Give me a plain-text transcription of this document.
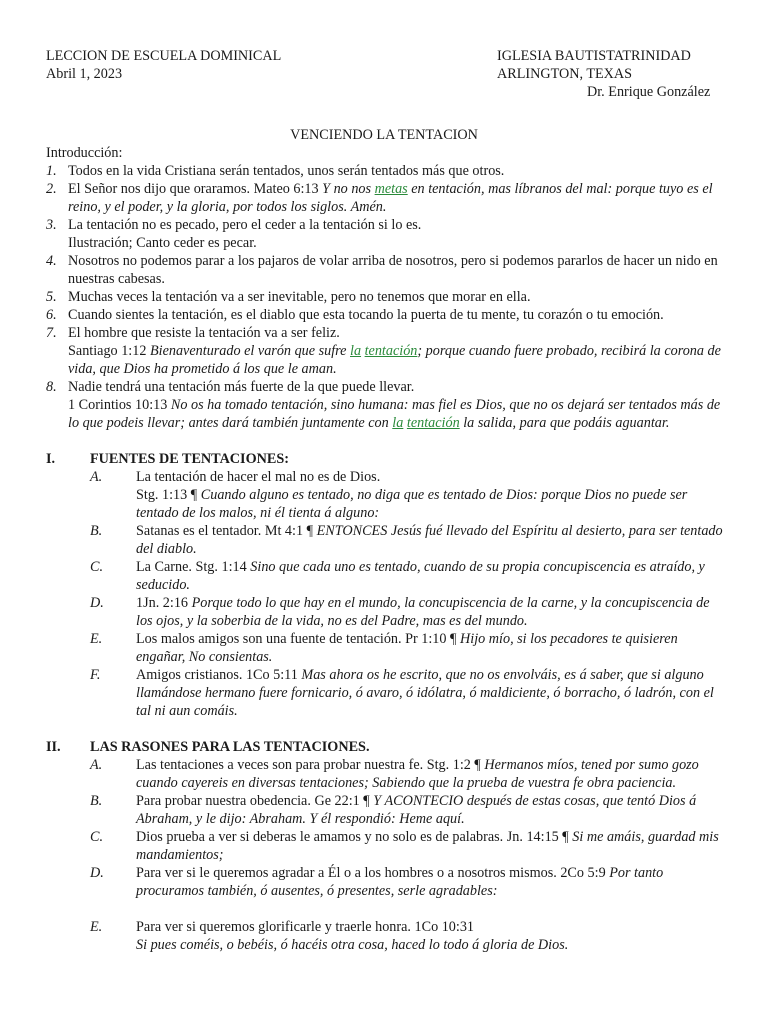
LECCION DE ESCUELA DOMINICAL
Abril 1, 2023
IGLESIA BAUTISTATRINIDAD
ARLINGTON, TEXAS
Dr. Enrique González
VENCIENDO LA TENTACION
Introducción:
1. Todos en la vida Cristiana serán tentados, unos serán tentados más que otros.
2. El Señor nos dijo que oraramos. Mateo 6:13 Y no nos metas en tentación, mas líbranos del mal: porque tuyo es el reino, y el poder, y la gloria, por todos los siglos. Amén.
3. La tentación no es pecado, pero el ceder a la tentación si lo es.
Ilustración; Canto ceder es pecar.
4. Nosotros no podemos parar a los pajaros de volar arriba de nosotros, pero si podemos pararlos de hacer un nido en nuestras cabesas.
5. Muchas veces la tentación va a ser inevitable, pero no tenemos que morar en ella.
6. Cuando sientes la tentación, es el diablo que esta tocando la puerta de tu mente, tu corazón o tu emoción.
7. El hombre que resiste la tentación va a ser feliz.
Santiago 1:12 Bienaventurado el varón que sufre la tentación; porque cuando fuere probado, recibirá la corona de vida, que Dios ha prometido á los que le aman.
8. Nadie tendrá una tentación más fuerte de la que puede llevar.
1 Corintios 10:13 No os ha tomado tentación, sino humana: mas fiel es Dios, que no os dejará ser tentados más de lo que podeis llevar; antes dará también juntamente con la tentación la salida, para que podáis aguantar.
I. FUENTES DE TENTACIONES:
A. La tentación de hacer el mal no es de Dios.
Stg. 1:13 ¶ Cuando alguno es tentado, no diga que es tentado de Dios: porque Dios no puede ser tentado de los malos, ni él tienta á alguno:
B. Satanas es el tentador. Mt 4:1 ¶ ENTONCES Jesús fué llevado del Espíritu al desierto, para ser tentado del diablo.
C. La Carne. Stg. 1:14 Sino que cada uno es tentado, cuando de su propia concupiscencia es atraído, y seducido.
D. 1Jn. 2:16 Porque todo lo que hay en el mundo, la concupiscencia de la carne, y la concupiscencia de los ojos, y la soberbia de la vida, no es del Padre, mas es del mundo.
E. Los malos amigos son una fuente de tentación. Pr 1:10 ¶ Hijo mío, si los pecadores te quisieren engañar, No consientas.
F.	Amigos cristianos. 1Co 5:11 Mas ahora os he escrito, que no os envolváis, es á saber, que si alguno llamándose hermano fuere fornicario, ó avaro, ó idólatra, ó maldiciente, ó borracho, ó ladrón, con el tal ni aun comáis.
II. LAS RASONES PARA LAS TENTACIONES.
A. Las tentaciones a veces son para probar nuestra fe. Stg. 1:2 ¶ Hermanos míos, tened por sumo gozo cuando cayereis en diversas tentaciones; Sabiendo que la prueba de vuestra fe obra paciencia.
B. Para probar nuestra obedencia. Ge 22:1 ¶ Y ACONTECIO después de estas cosas, que tentó Dios á Abraham, y le dijo: Abraham. Y él respondió: Heme aquí.
C. Dios prueba a ver si deberas le amamos y no solo es de palabras. Jn. 14:15 ¶ Si me amáis, guardad mis mandamientos;
D. Para ver si le queremos agradar a Él o a los hombres o a nosotros mismos. 2Co 5:9 Por tanto procuramos también, ó ausentes, ó presentes, serle agradables:
E. Para ver si queremos glorificarle y traerle honra. 1Co 10:31
Si pues coméis, o bebéis, ó hacéis otra cosa, haced lo todo á gloria de Dios.
